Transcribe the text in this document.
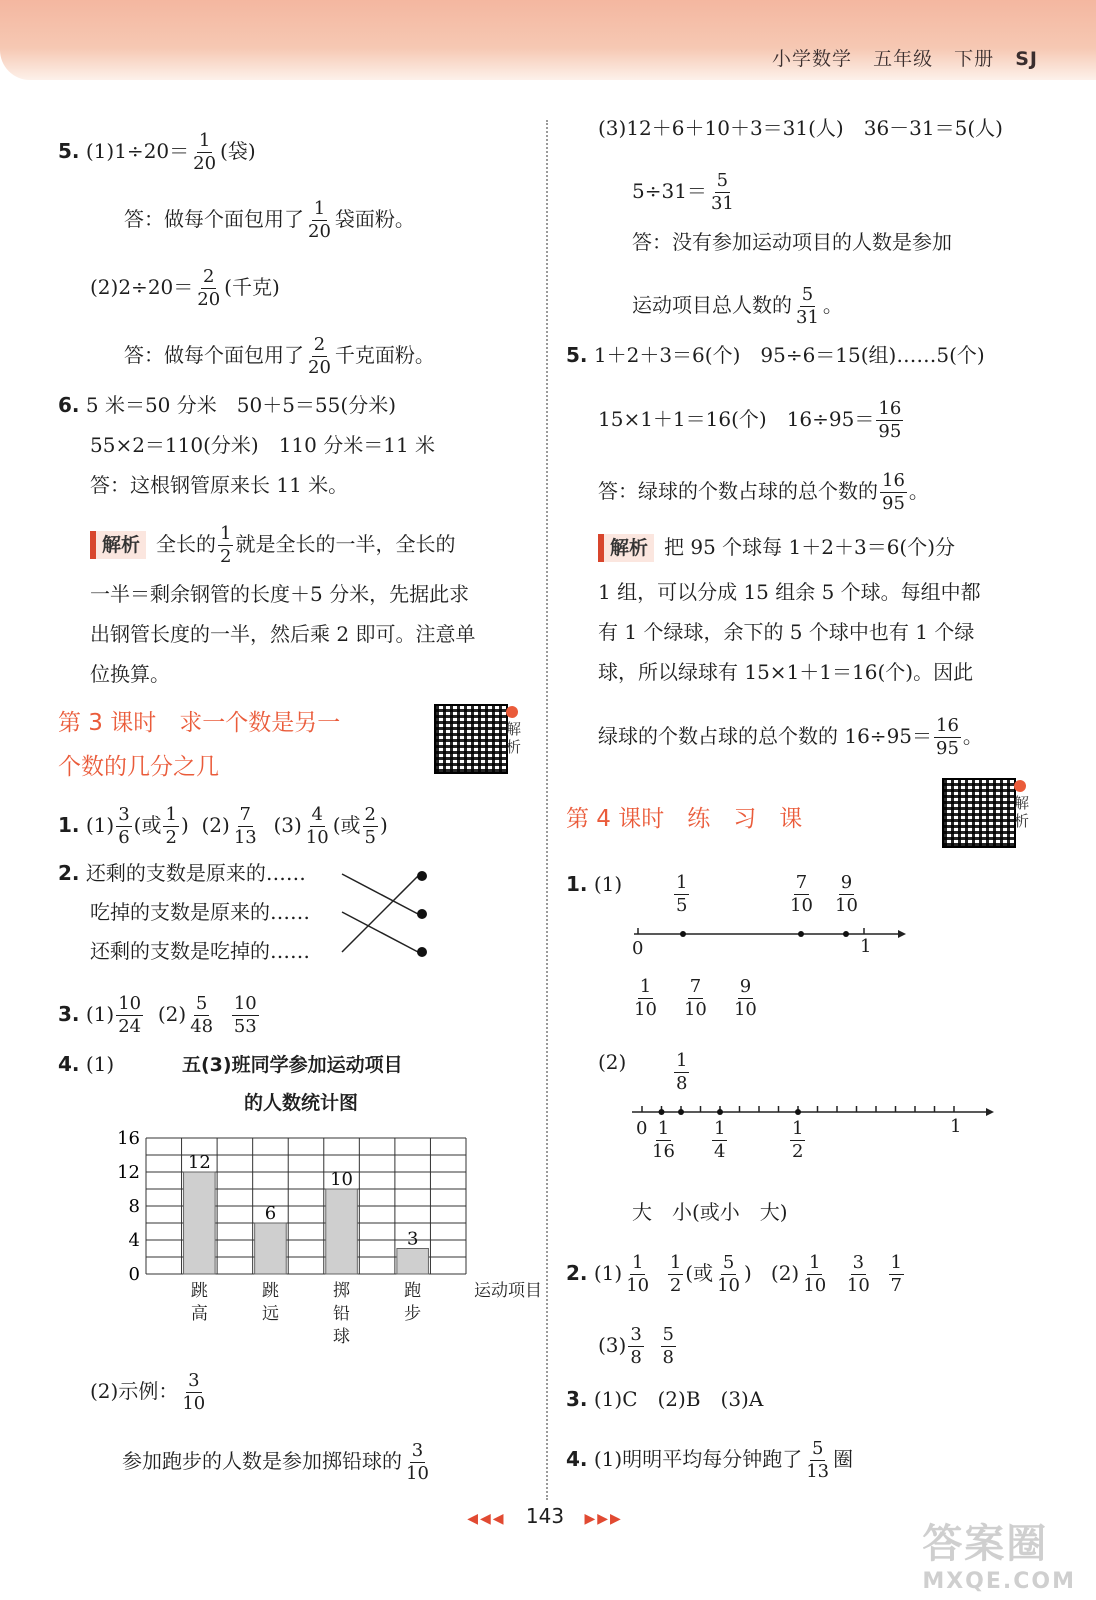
小学数学 五年级 下册 SJ
5. $(1)1\div 20= \frac{1}{20}$ (袋)
答：做每个面包用了 $\frac{1}{20}$ 袋面粉。
$(2)2\div 20= \frac{2}{20}$ (千克)
答：做每个面包用了 $\frac{2}{20}$ 千克面粉。
6. 5 米＝50 分米　50＋5＝55(分米)
55×2＝110(分米)　110 分米＝11 米
答：这根钢管原来长 11 米。
解析 全长的 $\frac{1}{2}$ 就是全长的一半，全长的
一半＝剩余钢管的长度＋5 分米，先据此求
出钢管长度的一半，然后乘 2 即可。注意单
位换算。
第 3 课时　求一个数是另一
个数的几分之几
解析
1. $(1) \frac{3}{6}$ (或 $\frac{1}{2}$ ) $(2) \frac{7}{13} (3) \frac{4}{10}$ (或 $\frac{2}{5}$ )
2. 还剩的支数是原来的……
吃掉的支数是原来的……
还剩的支数是吃掉的……
3. $(1) \frac{10}{24} (2) \frac{5}{48}$
$\frac{10}{53}$
4. (1)	五(3)班同学参加运动项目
的人数统计图
0
4
8
12
16
12
跳
高
6
跳
远
10
掷
铅
球
3
跑
步
运动项目
(2)示例： $\frac{3}{10}$
参加跑步的人数是参加掷铅球的 $\frac{3}{10}$
(3)12＋6＋10＋3＝31(人)　36－31＝5(人)
$5\div 31= \frac{5}{31}$
答：没有参加运动项目的人数是参加
运动项目总人数的 $\frac{5}{31}$ 。
5. 1＋2＋3＝6(个)　95÷6＝15(组)……5(个)
15×1＋1＝16(个)　$16\div 95= \frac{16}{95}$
答：绿球的个数占球的总个数的 $\frac{16}{95}$ 。
解析 把 95 个球每 1＋2＋3＝6(个)分
1 组，可以分成 15 组余 5 个球。每组中都
有 1 个绿球，余下的 5 个球中也有 1 个绿
球，所以绿球有 15×1＋1＝16(个)。因此
绿球的个数占球的总个数的 $16\div 95= \frac{16}{95}$ 。
第 4 课时　练　习　课
解析
1. (1)	$\frac{1}{5}$	$\frac{7}{10} \frac{9}{10}$
0	1
$\frac{1}{10}$
$\frac{7}{10}$
$\frac{9}{10}$
(2)	$\frac{1}{8}$
0	1
$\frac{1}{16} \frac{1}{4}$	$\frac{1}{2}$
大　小(或小　大)
2. $(1) \frac{1}{10}$
$\frac{1}{2}$ (或 $\frac{5}{10}$ ) $(2) \frac{1}{10}$
$\frac{3}{10}$
$\frac{1}{7}$
$(3) \frac{3}{8}$
$\frac{5}{8}$
3. (1)C　(2)B　(3)A
4. (1)明明平均每分钟跑了 $\frac{5}{13}$ 圈
◀◀◀ 143 ▶▶▶
答案圈
MXQE.COM
